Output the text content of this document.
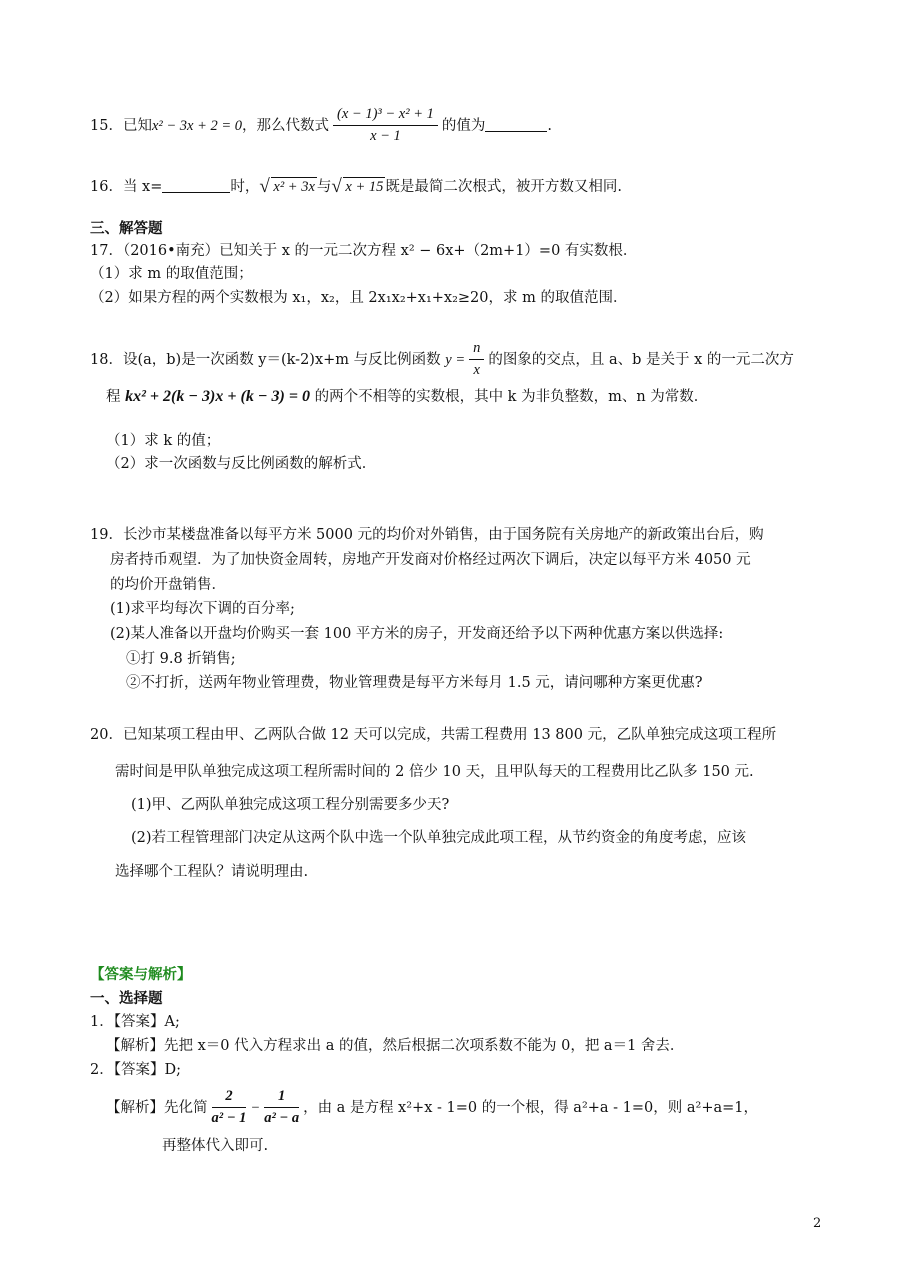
15．已知x² − 3x + 2 = 0，那么代数式 $\frac{\text{(x − 1)³ − x² + 1}}{x - 1}$ 的值为	.
16．当 x=	时， √ x² + 3x 与 √ x + 15 既是最简二次根式，被开方数又相同.
三、解答题
17．（2016•南充）已知关于 x 的一元二次方程 x² − 6x+（2m+1）=0 有实数根．
（1）求 m 的取值范围；
（2）如果方程的两个实数根为 x₁，x₂，且 2x₁x₂+x₁+x₂≥20，求 m 的取值范围．
18．设(a，b)是一次函数 y＝(k-2)x+m 与反比例函数 $y = \frac{n}{x}$ 的图象的交点，且 a、b 是关于 x 的一元二次方
程 kx² + 2(k − 3)x + (k − 3) = 0 的两个不相等的实数根，其中 k 为非负整数，m、n 为常数．
（1）求 k 的值；
（2）求一次函数与反比例函数的解析式．
19．长沙市某楼盘准备以每平方米 5000 元的均价对外销售，由于国务院有关房地产的新政策出台后，购
房者持币观望．为了加快资金周转，房地产开发商对价格经过两次下调后，决定以每平方米 4050 元
的均价开盘销售．
(1)求平均每次下调的百分率;
(2)某人准备以开盘均价购买一套 100 平方米的房子，开发商还给予以下两种优惠方案以供选择:
①打 9.8 折销售;
②不打折，送两年物业管理费，物业管理费是每平方米每月 1.5 元，请问哪种方案更优惠?
20．已知某项工程由甲、乙两队合做 12 天可以完成，共需工程费用 13 800 元，乙队单独完成这项工程所
需时间是甲队单独完成这项工程所需时间的 2 倍少 10 天，且甲队每天的工程费用比乙队多 150 元.
(1)甲、乙两队单独完成这项工程分别需要多少天?
(2)若工程管理部门决定从这两个队中选一个队单独完成此项工程，从节约资金的角度考虑，应该
选择哪个工程队？请说明理由.
【答案与解析】
一、选择题
1．【答案】A;
【解析】先把 x＝0 代入方程求出 a 的值，然后根据二次项系数不能为 0，把 a＝1 舍去．
2．【答案】D;
【解析】先化简 $\frac{2}{\text{a² − 1}} - \frac{1}{\text{a² − a}}$ ，由 a 是方程 x²+x - 1=0 的一个根，得 a²+a - 1=0，则 a²+a=1，
再整体代入即可.
2
